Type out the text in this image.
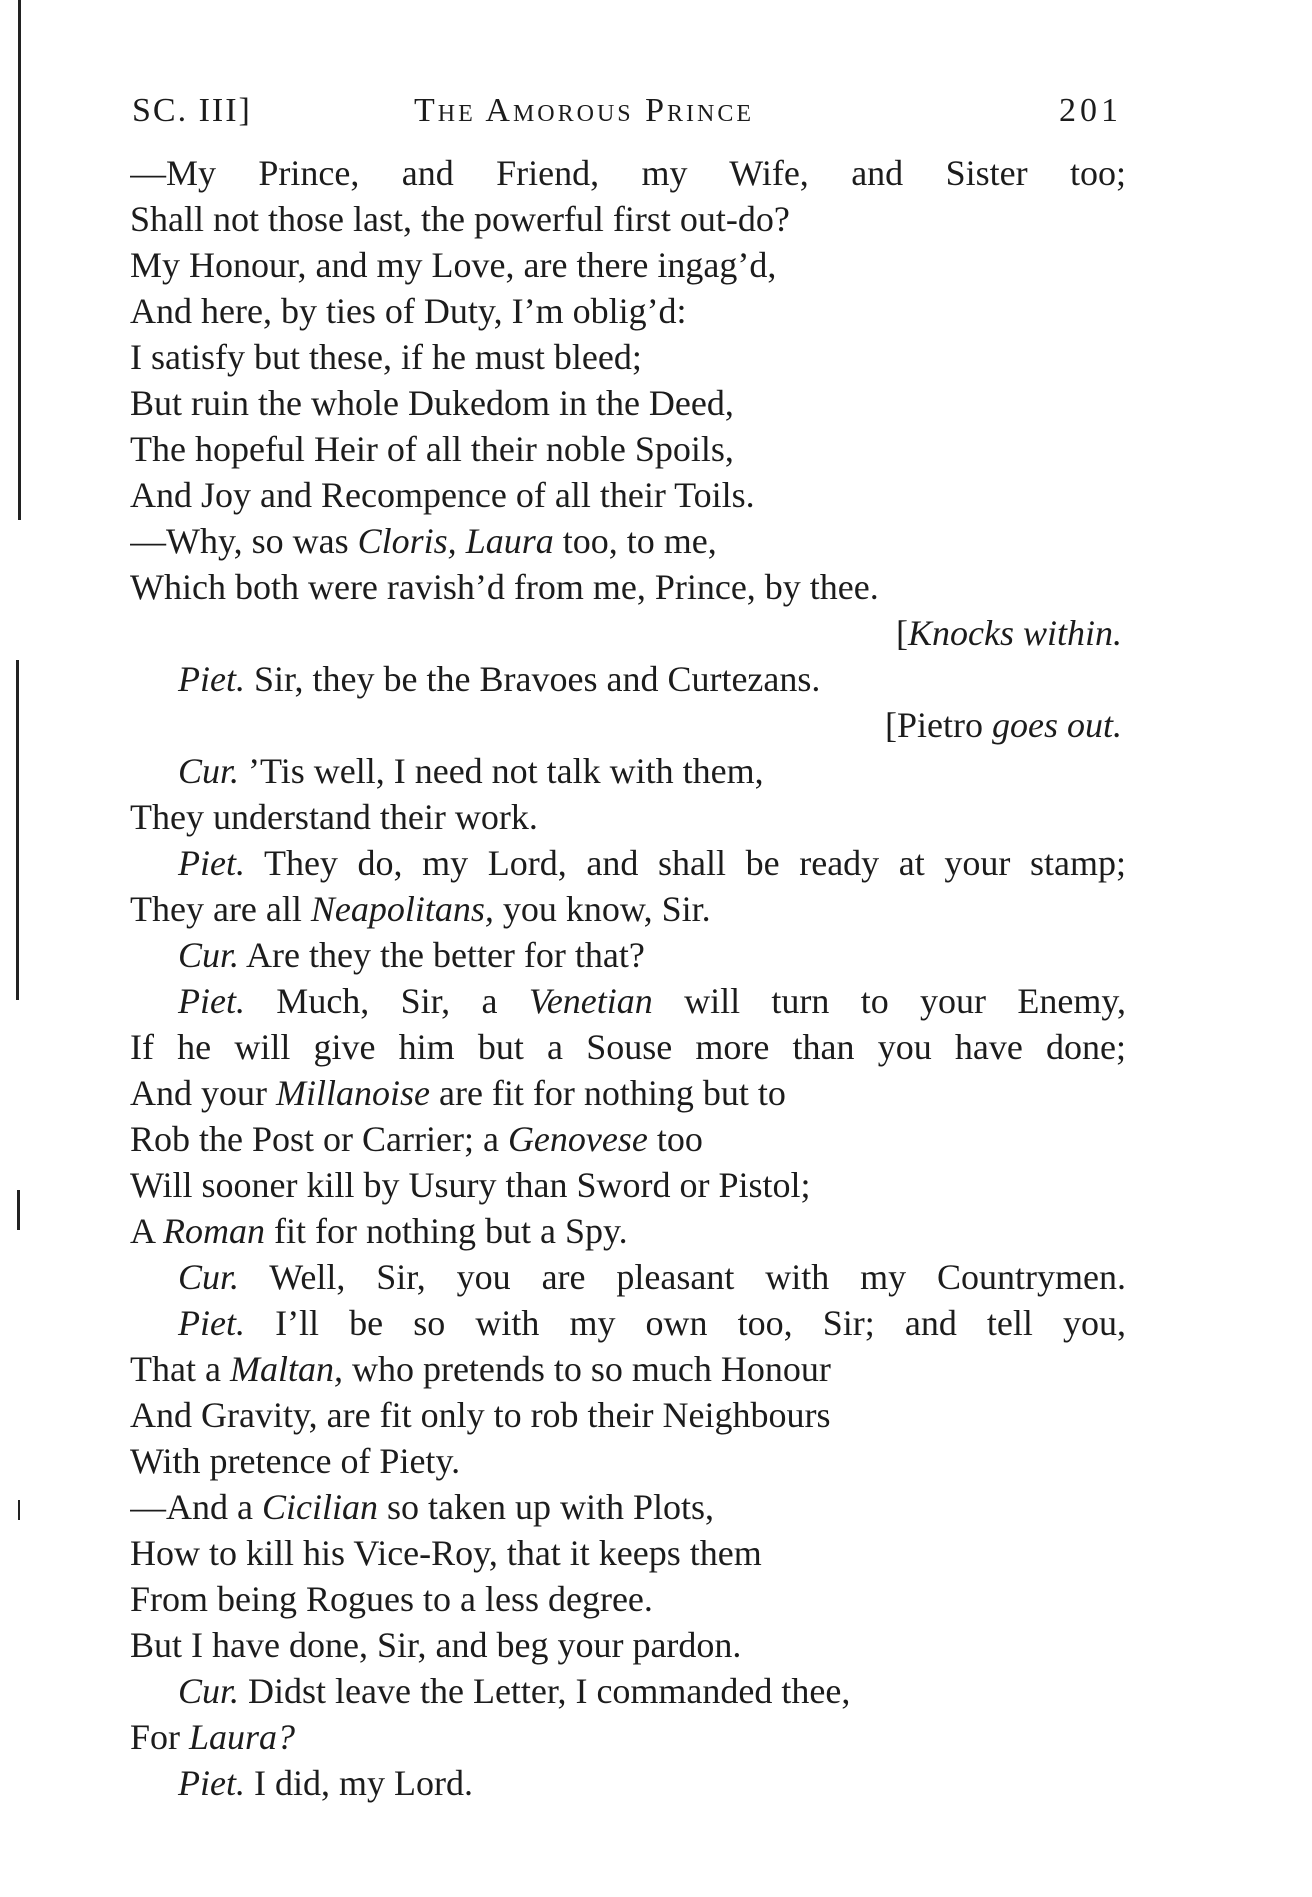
SC. III]	The Amorous Prince	201
—My Prince, and Friend, my Wife, and Sister too;
Shall not those last, the powerful first out-do?
My Honour, and my Love, are there ingag’d,
And here, by ties of Duty, I’m oblig’d:
I satisfy but these, if he must bleed;
But ruin the whole Dukedom in the Deed,
The hopeful Heir of all their noble Spoils,
And Joy and Recompence of all their Toils.
—Why, so was Cloris, Laura too, to me,
Which both were ravish’d from me, Prince, by thee.
[Knocks within.
Piet. Sir, they be the Bravoes and Curtezans.
[Pietro goes out.
Cur. ’Tis well, I need not talk with them,
They understand their work.
Piet. They do, my Lord, and shall be ready at your stamp;
They are all Neapolitans, you know, Sir.
Cur. Are they the better for that?
Piet. Much, Sir, a Venetian will turn to your Enemy,
If he will give him but a Souse more than you have done;
And your Millanoise are fit for nothing but to
Rob the Post or Carrier; a Genovese too
Will sooner kill by Usury than Sword or Pistol;
A Roman fit for nothing but a Spy.
Cur. Well, Sir, you are pleasant with my Countrymen.
Piet. I’ll be so with my own too, Sir; and tell you,
That a Maltan, who pretends to so much Honour
And Gravity, are fit only to rob their Neighbours
With pretence of Piety.
—And a Cicilian so taken up with Plots,
How to kill his Vice-Roy, that it keeps them
From being Rogues to a less degree.
But I have done, Sir, and beg your pardon.
Cur. Didst leave the Letter, I commanded thee,
For Laura?
Piet. I did, my Lord.
